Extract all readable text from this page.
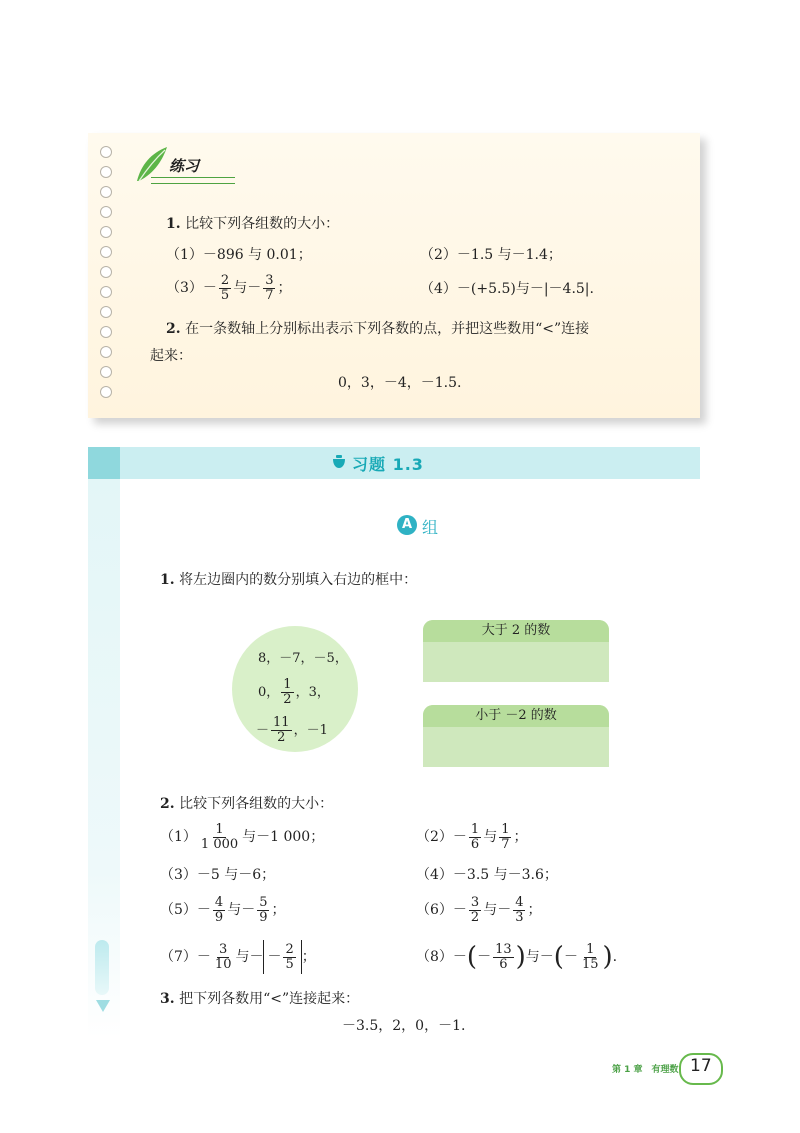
练习
1. 比较下列各组数的大小：
（1）－896 与 0.01；	（2）－1.5 与－1.4；
$(3)- \frac{2}{5}$ 与－ $\frac{3}{7}$ ；	（4）－(+5.5)与－|－4.5|.
2. 在一条数轴上分别标出表示下列各数的点，并把这些数用“<”连接
起来：
0，3，－4，－1.5.
习题 1.3
A 组
1. 将左边圈内的数分别填入右边的框中：
8，－7，－5，
0， $\frac{1}{2}$ ，3，
－ $\frac{11}{2}$ ，－1
大于 2 的数
小于 －2 的数
2. 比较下列各组数的大小：
$(1) \frac{1}{1 000}$ 与－1 000；	$(2)- \frac{1}{6}$ 与 $\frac{1}{7}$ ；
（3）－5 与－6；	（4）－3.5 与－3.6；
$(5)- \frac{4}{9}$ 与－ $\frac{5}{9}$ ；	$(6)- \frac{3}{2}$ 与－ $\frac{4}{3}$ ；
$(7)- \frac{3}{10}$ 与－ － $\frac{2}{5}$ ；	$(8)-(- \frac{13}{6}$ )与－(－ $\frac{1}{15}$ ).
3. 把下列各数用“<”连接起来：
－3.5，2，0，－1.
第 1 章　有理数 17
